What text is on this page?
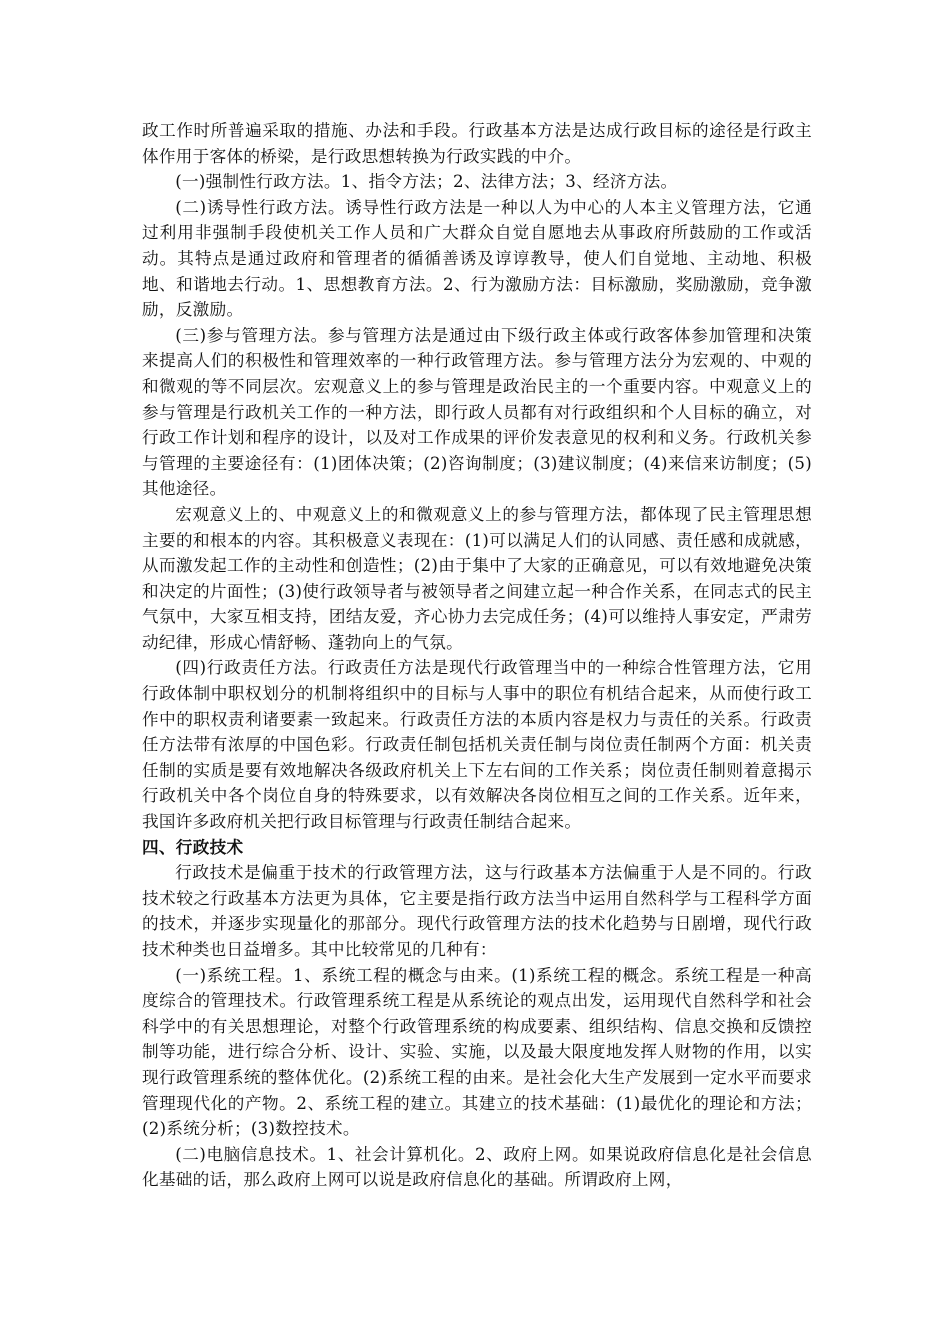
政工作时所普遍采取的措施、办法和手段。行政基本方法是达成行政目标的途径是行政主体作用于客体的桥梁，是行政思想转换为行政实践的中介。

(一)强制性行政方法。1、指令方法；2、法律方法；3、经济方法。

(二)诱导性行政方法。诱导性行政方法是一种以人为中心的人本主义管理方法，它通过利用非强制手段使机关工作人员和广大群众自觉自愿地去从事政府所鼓励的工作或活动。其特点是通过政府和管理者的循循善诱及谆谆教导，使人们自觉地、主动地、积极地、和谐地去行动。1、思想教育方法。2、行为激励方法：目标激励，奖励激励，竞争激励，反激励。

(三)参与管理方法。参与管理方法是通过由下级行政主体或行政客体参加管理和决策来提高人们的积极性和管理效率的一种行政管理方法。参与管理方法分为宏观的、中观的和微观的等不同层次。宏观意义上的参与管理是政治民主的一个重要内容。中观意义上的参与管理是行政机关工作的一种方法，即行政人员都有对行政组织和个人目标的确立，对行政工作计划和程序的设计，以及对工作成果的评价发表意见的权利和义务。行政机关参与管理的主要途径有：(1)团体决策；(2)咨询制度；(3)建议制度；(4)来信来访制度；(5)其他途径。

宏观意义上的、中观意义上的和微观意义上的参与管理方法，都体现了民主管理思想主要的和根本的内容。其积极意义表现在：(1)可以满足人们的认同感、责任感和成就感，从而激发起工作的主动性和创造性；(2)由于集中了大家的正确意见，可以有效地避免决策和决定的片面性；(3)使行政领导者与被领导者之间建立起一种合作关系，在同志式的民主气氛中，大家互相支持，团结友爱，齐心协力去完成任务；(4)可以维持人事安定，严肃劳动纪律，形成心情舒畅、蓬勃向上的气氛。

(四)行政责任方法。行政责任方法是现代行政管理当中的一种综合性管理方法，它用行政体制中职权划分的机制将组织中的目标与人事中的职位有机结合起来，从而使行政工作中的职权责利诸要素一致起来。行政责任方法的本质内容是权力与责任的关系。行政责任方法带有浓厚的中国色彩。行政责任制包括机关责任制与岗位责任制两个方面：机关责任制的实质是要有效地解决各级政府机关上下左右间的工作关系；岗位责任制则着意揭示行政机关中各个岗位自身的特殊要求，以有效解决各岗位相互之间的工作关系。近年来，我国许多政府机关把行政目标管理与行政责任制结合起来。

四、行政技术

行政技术是偏重于技术的行政管理方法，这与行政基本方法偏重于人是不同的。行政技术较之行政基本方法更为具体，它主要是指行政方法当中运用自然科学与工程科学方面的技术，并逐步实现量化的那部分。现代行政管理方法的技术化趋势与日剧增，现代行政技术种类也日益增多。其中比较常见的几种有：

(一)系统工程。1、系统工程的概念与由来。(1)系统工程的概念。系统工程是一种高度综合的管理技术。行政管理系统工程是从系统论的观点出发，运用现代自然科学和社会科学中的有关思想理论，对整个行政管理系统的构成要素、组织结构、信息交换和反馈控制等功能，进行综合分析、设计、实验、实施，以及最大限度地发挥人财物的作用，以实现行政管理系统的整体优化。(2)系统工程的由来。是社会化大生产发展到一定水平而要求管理现代化的产物。2、系统工程的建立。其建立的技术基础：(1)最优化的理论和方法；(2)系统分析；(3)数控技术。

(二)电脑信息技术。1、社会计算机化。2、政府上网。如果说政府信息化是社会信息化基础的话，那么政府上网可以说是政府信息化的基础。所谓政府上网，
